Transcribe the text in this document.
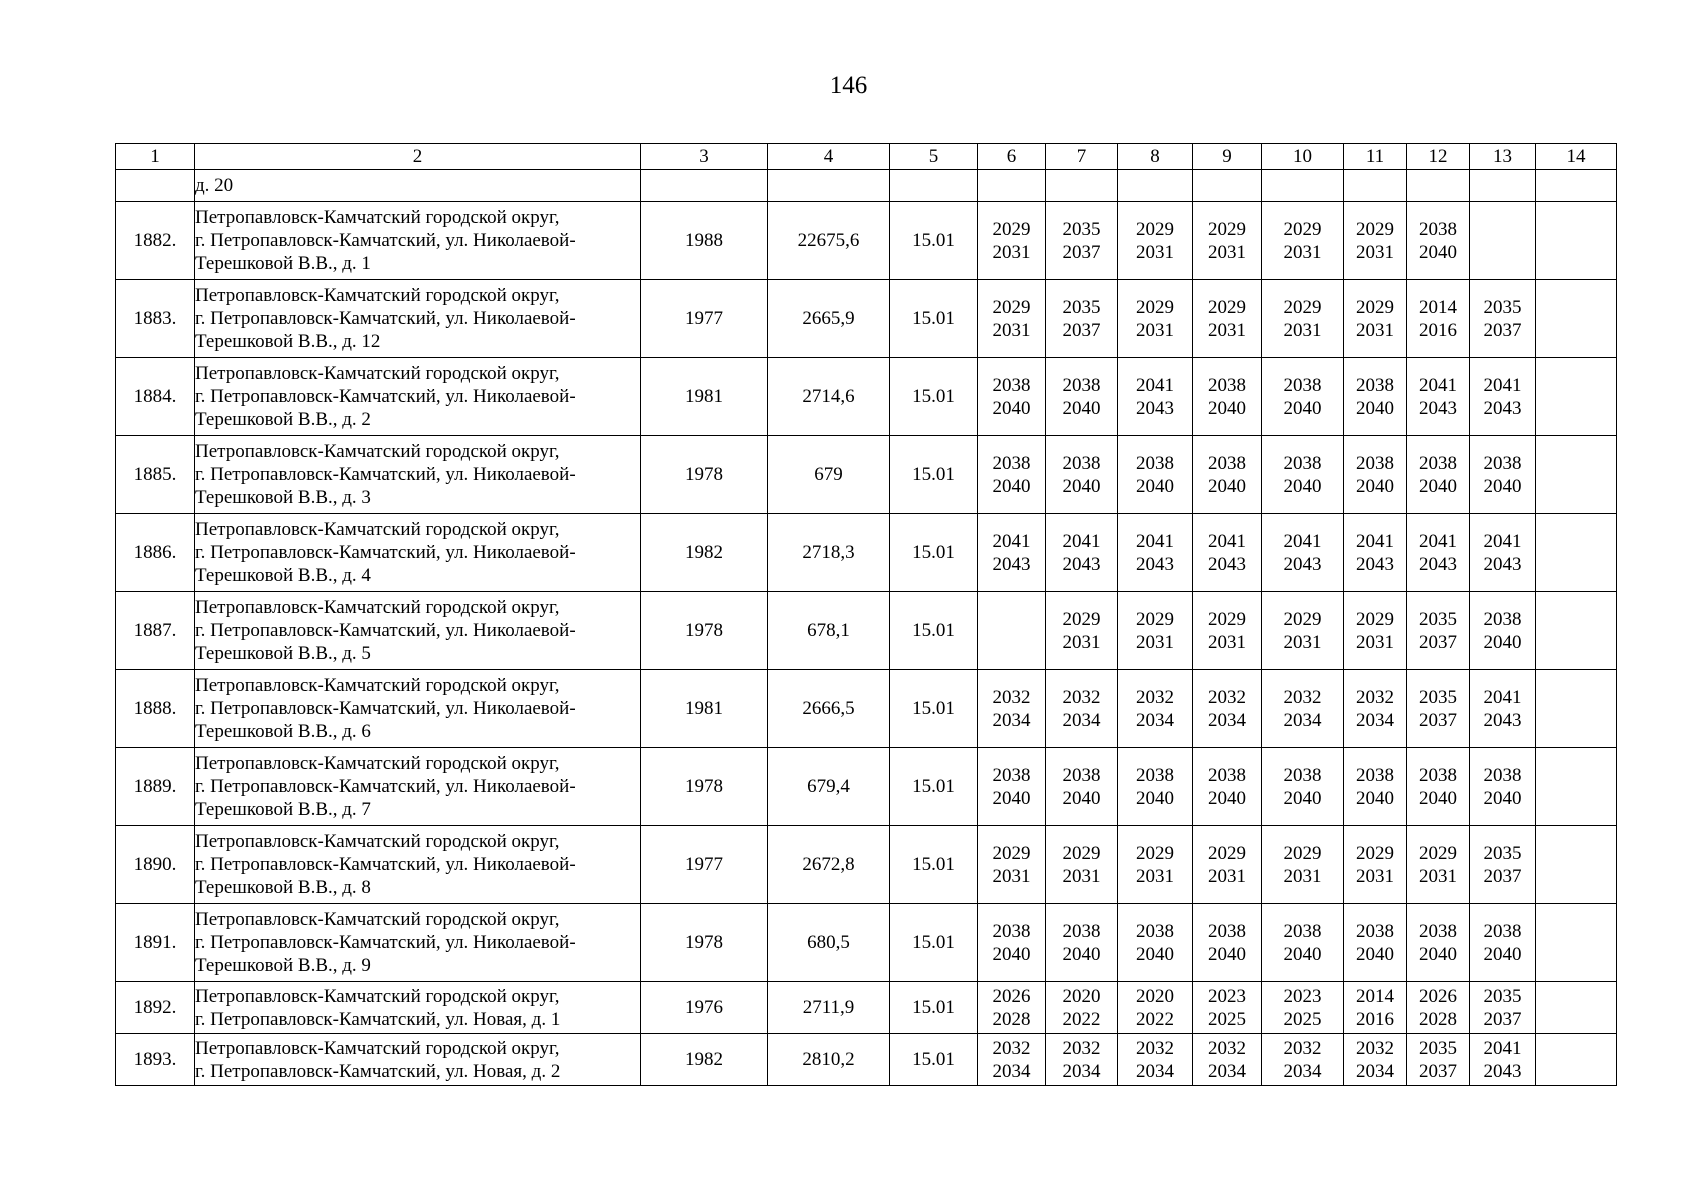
146
1	2	3	4	5	6	7	8	9	10	11	12	13	14
	д. 20												
1882.	Петропавловск-Камчатский городской округ,
г. Петропавловск-Камчатский, ул. Николаевой-
Терешковой В.В., д. 1	1988	22675,6	15.01	2029
2031	2035
2037	2029
2031	2029
2031	2029
2031	2029
2031	2038
2040		

1883.	Петропавловск-Камчатский городской округ,
г. Петропавловск-Камчатский, ул. Николаевой-
Терешковой В.В., д. 12	1977	2665,9	15.01	2029
2031	2035
2037	2029
2031	2029
2031	2029
2031	2029
2031	2014
2016	2035
2037	

1884.	Петропавловск-Камчатский городской округ,
г. Петропавловск-Камчатский, ул. Николаевой-
Терешковой В.В., д. 2	1981	2714,6	15.01	2038
2040	2038
2040	2041
2043	2038
2040	2038
2040	2038
2040	2041
2043	2041
2043	

1885.	Петропавловск-Камчатский городской округ,
г. Петропавловск-Камчатский, ул. Николаевой-
Терешковой В.В., д. 3	1978	679	15.01	2038
2040	2038
2040	2038
2040	2038
2040	2038
2040	2038
2040	2038
2040	2038
2040	

1886.	Петропавловск-Камчатский городской округ,
г. Петропавловск-Камчатский, ул. Николаевой-
Терешковой В.В., д. 4	1982	2718,3	15.01	2041
2043	2041
2043	2041
2043	2041
2043	2041
2043	2041
2043	2041
2043	2041
2043	

1887.	Петропавловск-Камчатский городской округ,
г. Петропавловск-Камчатский, ул. Николаевой-
Терешковой В.В., д. 5	1978	678,1	15.01		2029
2031	2029
2031	2029
2031	2029
2031	2029
2031	2035
2037	2038
2040	

1888.	Петропавловск-Камчатский городской округ,
г. Петропавловск-Камчатский, ул. Николаевой-
Терешковой В.В., д. 6	1981	2666,5	15.01	2032
2034	2032
2034	2032
2034	2032
2034	2032
2034	2032
2034	2035
2037	2041
2043	

1889.	Петропавловск-Камчатский городской округ,
г. Петропавловск-Камчатский, ул. Николаевой-
Терешковой В.В., д. 7	1978	679,4	15.01	2038
2040	2038
2040	2038
2040	2038
2040	2038
2040	2038
2040	2038
2040	2038
2040	

1890.	Петропавловск-Камчатский городской округ,
г. Петропавловск-Камчатский, ул. Николаевой-
Терешковой В.В., д. 8	1977	2672,8	15.01	2029
2031	2029
2031	2029
2031	2029
2031	2029
2031	2029
2031	2029
2031	2035
2037	

1891.	Петропавловск-Камчатский городской округ,
г. Петропавловск-Камчатский, ул. Николаевой-
Терешковой В.В., д. 9	1978	680,5	15.01	2038
2040	2038
2040	2038
2040	2038
2040	2038
2040	2038
2040	2038
2040	2038
2040	

1892.	Петропавловск-Камчатский городской округ,
г. Петропавловск-Камчатский, ул. Новая, д. 1	1976	2711,9	15.01	2026
2028	2020
2022	2020
2022	2023
2025	2023
2025	2014
2016	2026
2028	2035
2037	

1893.	Петропавловск-Камчатский городской округ,
г. Петропавловск-Камчатский, ул. Новая, д. 2	1982	2810,2	15.01	2032
2034	2032
2034	2032
2034	2032
2034	2032
2034	2032
2034	2035
2037	2041
2043	
